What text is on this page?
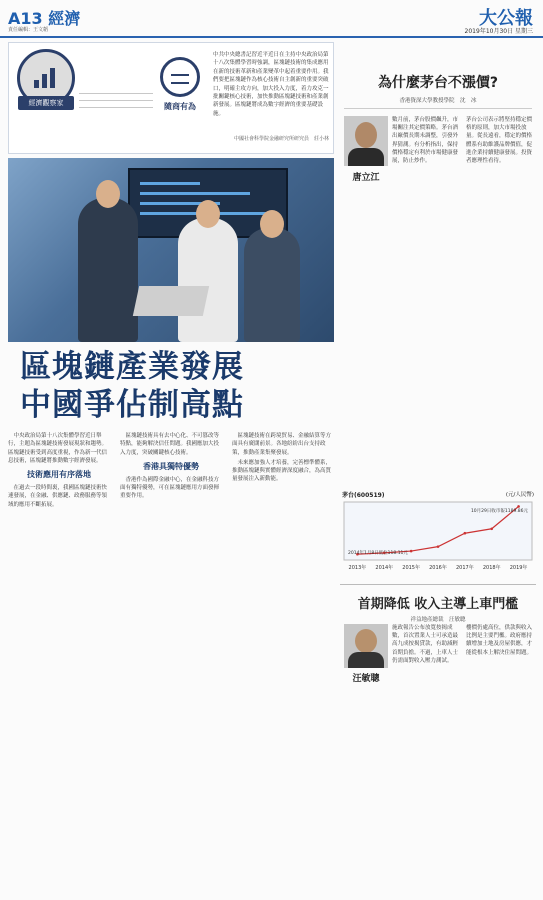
A13 經濟
責任編輯：王文韜
大公報
2019年10月30日 星期三
經濟觀察家	隨商有為
中共中央總書記習近平近日在主持中央政治局第十八次集體學習時強調，區塊鏈技術的集成應用在新的技術革新和產業變革中起着重要作用。我們要把區塊鏈作為核心技術自主創新的重要突破口，明確主攻方向，加大投入力度，着力攻克一批關鍵核心技術，加快推動區塊鏈技術和產業創新發展。區塊鏈將成為數字經濟的重要基礎設施。
中國社會科學院金融研究所研究員　莊小林
區塊鏈產業發展
中國爭佔制高點

中央政治局第十八次集體學習近日舉行，主題為區塊鏈技術發展現狀和趨勢。區塊鏈技術受到高度重視，作為新一代信息技術，區塊鏈將推動數字經濟發展。

技術應用有序落地

在過去一段時間裏，我國區塊鏈技術快速發展，在金融、供應鏈、政務服務等領域的應用不斷拓展。

區塊鏈技術具有去中心化、不可篡改等特點，能夠解決信任問題。我國應加大投入力度，突破關鍵核心技術。

香港具獨特優勢

香港作為國際金融中心，在金融科技方面有獨特優勢，可在區塊鏈應用方面發揮重要作用。

區塊鏈技術在跨境貿易、金融結算等方面具有廣闊前景。各地紛紛出台支持政策，推動產業集聚發展。

未來應加強人才培養，完善標準體系，推動區塊鏈與實體經濟深度融合，為高質量發展注入新動能。

為什麼茅台不漲價?
香港資深大學教授學院　沈　冰
唐立江
數月前，茅台股價飆升，市場關注其定價策略。茅台酒出廠價長期未調整，引發外界猜測。有分析指出，保持價格穩定有利於市場健康發展，防止炒作。
茅台公司表示將堅持穩定價格的原則，加大市場投放量。從長遠看，穩定的價格體系有助維護品牌價值，促進企業持續健康發展。投資者應理性看待。
茅台(600519)	(元/人民幣)
2013年 2014年 2015年 2016年 2017年 2018年 2019年
2014年1月8日低位118.11元
10月29日收市報1189.86元
首期降低 收入主導上車門檻
祥益地產總裁　汪敏聰
汪敏聰
施政報告公布放寬按揭成數，首次置業人士可承造最高九成按揭貸款，有助減輕首期負擔。不過，上車人士仍需面對收入壓力測試。
樓價仍處高位，供款與收入比例是主要門檻。政府應持續增加土地及房屋供應，才能從根本上解決住屋問題。
